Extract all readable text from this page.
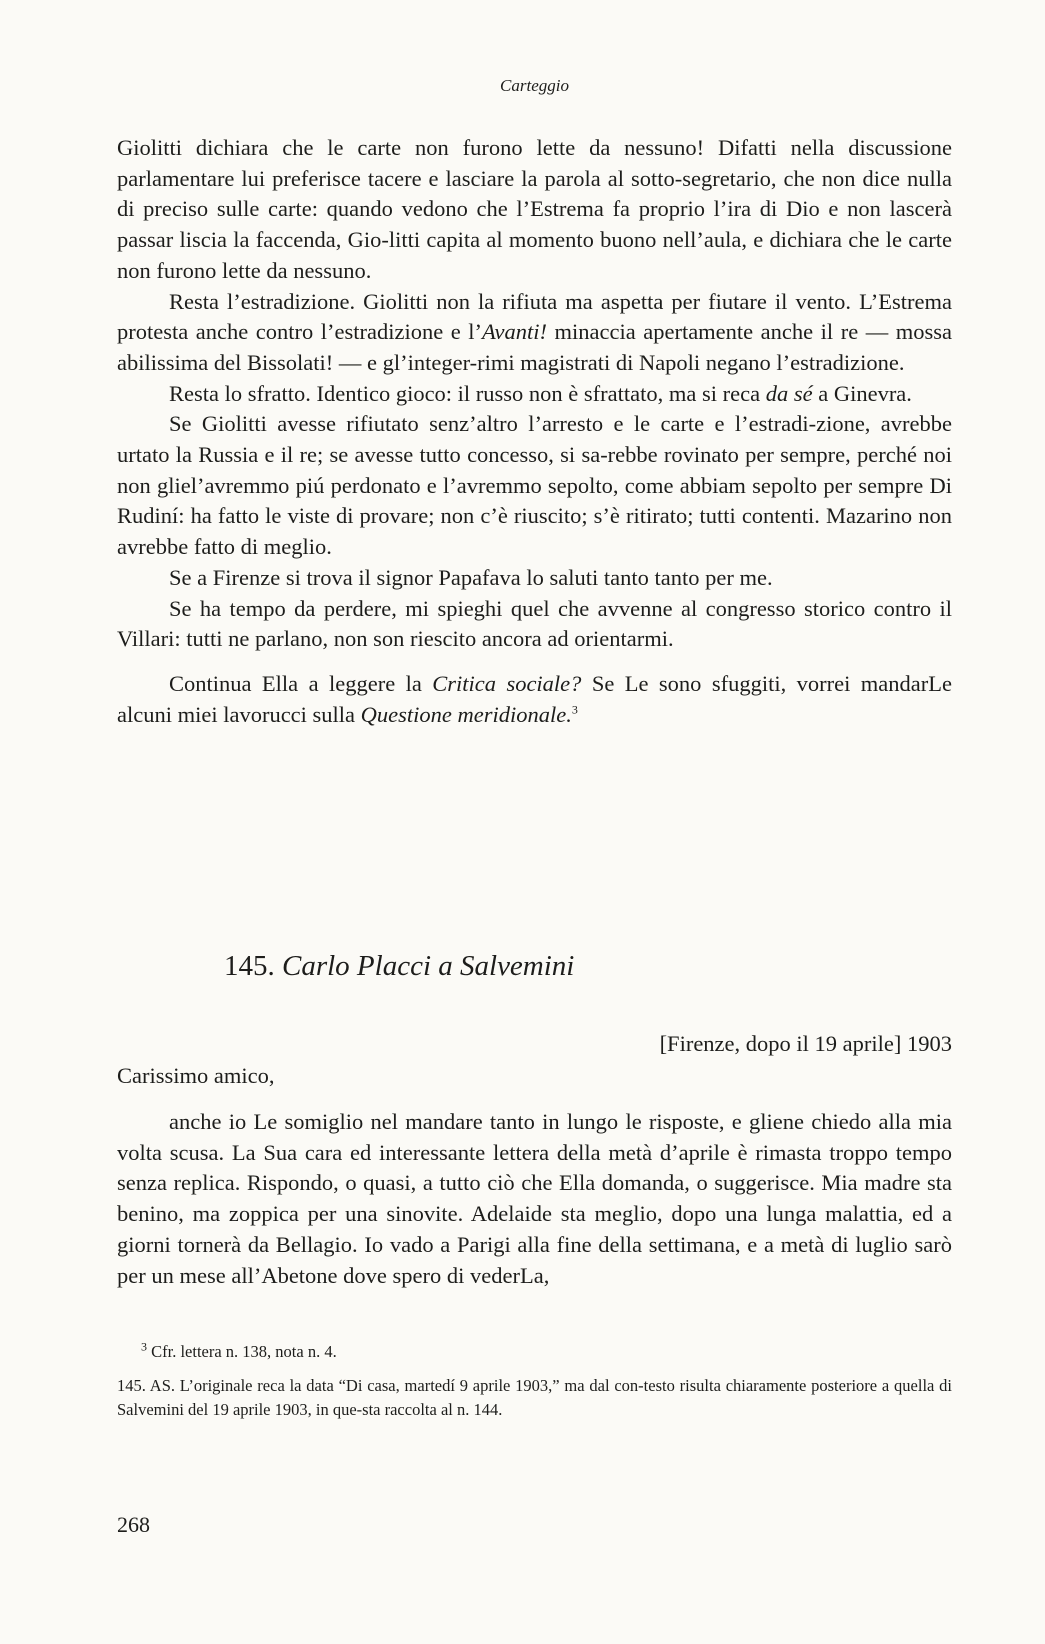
Carteggio

Giolitti dichiara che le carte non furono lette da nessuno! Difatti nella discussione parlamentare lui preferisce tacere e lasciare la parola al sotto-segretario, che non dice nulla di preciso sulle carte: quando vedono che l’Estrema fa proprio l’ira di Dio e non lascerà passar liscia la faccenda, Gio-litti capita al momento buono nell’aula, e dichiara che le carte non furono lette da nessuno.

Resta l’estradizione. Giolitti non la rifiuta ma aspetta per fiutare il vento. L’Estrema protesta anche contro l’estradizione e l’Avanti! minaccia apertamente anche il re — mossa abilissima del Bissolati! — e gl’integer-rimi magistrati di Napoli negano l’estradizione.

Resta lo sfratto. Identico gioco: il russo non è sfrattato, ma si reca da sé a Ginevra.

Se Giolitti avesse rifiutato senz’altro l’arresto e le carte e l’estradi-zione, avrebbe urtato la Russia e il re; se avesse tutto concesso, si sa-rebbe rovinato per sempre, perché noi non gliel’avremmo piú perdonato e l’avremmo sepolto, come abbiam sepolto per sempre Di Rudiní: ha fatto le viste di provare; non c’è riuscito; s’è ritirato; tutti contenti. Mazarino non avrebbe fatto di meglio.

Se a Firenze si trova il signor Papafava lo saluti tanto tanto per me.

Se ha tempo da perdere, mi spieghi quel che avvenne al congresso storico contro il Villari: tutti ne parlano, non son riescito ancora ad orientarmi.

Continua Ella a leggere la Critica sociale? Se Le sono sfuggiti, vorrei mandarLe alcuni miei lavorucci sulla Questione meridionale.$^3$

145. Carlo Placci a Salvemini
[Firenze, dopo il 19 aprile] 1903
Carissimo amico,

anche io Le somiglio nel mandare tanto in lungo le risposte, e gliene chiedo alla mia volta scusa. La Sua cara ed interessante lettera della metà d’aprile è rimasta troppo tempo senza replica. Rispondo, o quasi, a tutto ciò che Ella domanda, o suggerisce. Mia madre sta benino, ma zoppica per una sinovite. Adelaide sta meglio, dopo una lunga malattia, ed a giorni tornerà da Bellagio. Io vado a Parigi alla fine della settimana, e a metà di luglio sarò per un mese all’Abetone dove spero di vederLa,

$^3$ Cfr. lettera n. 138, nota n. 4.

145. AS. L’originale reca la data “Di casa, martedí 9 aprile 1903,” ma dal con-testo risulta chiaramente posteriore a quella di Salvemini del 19 aprile 1903, in que-sta raccolta al n. 144.

268
